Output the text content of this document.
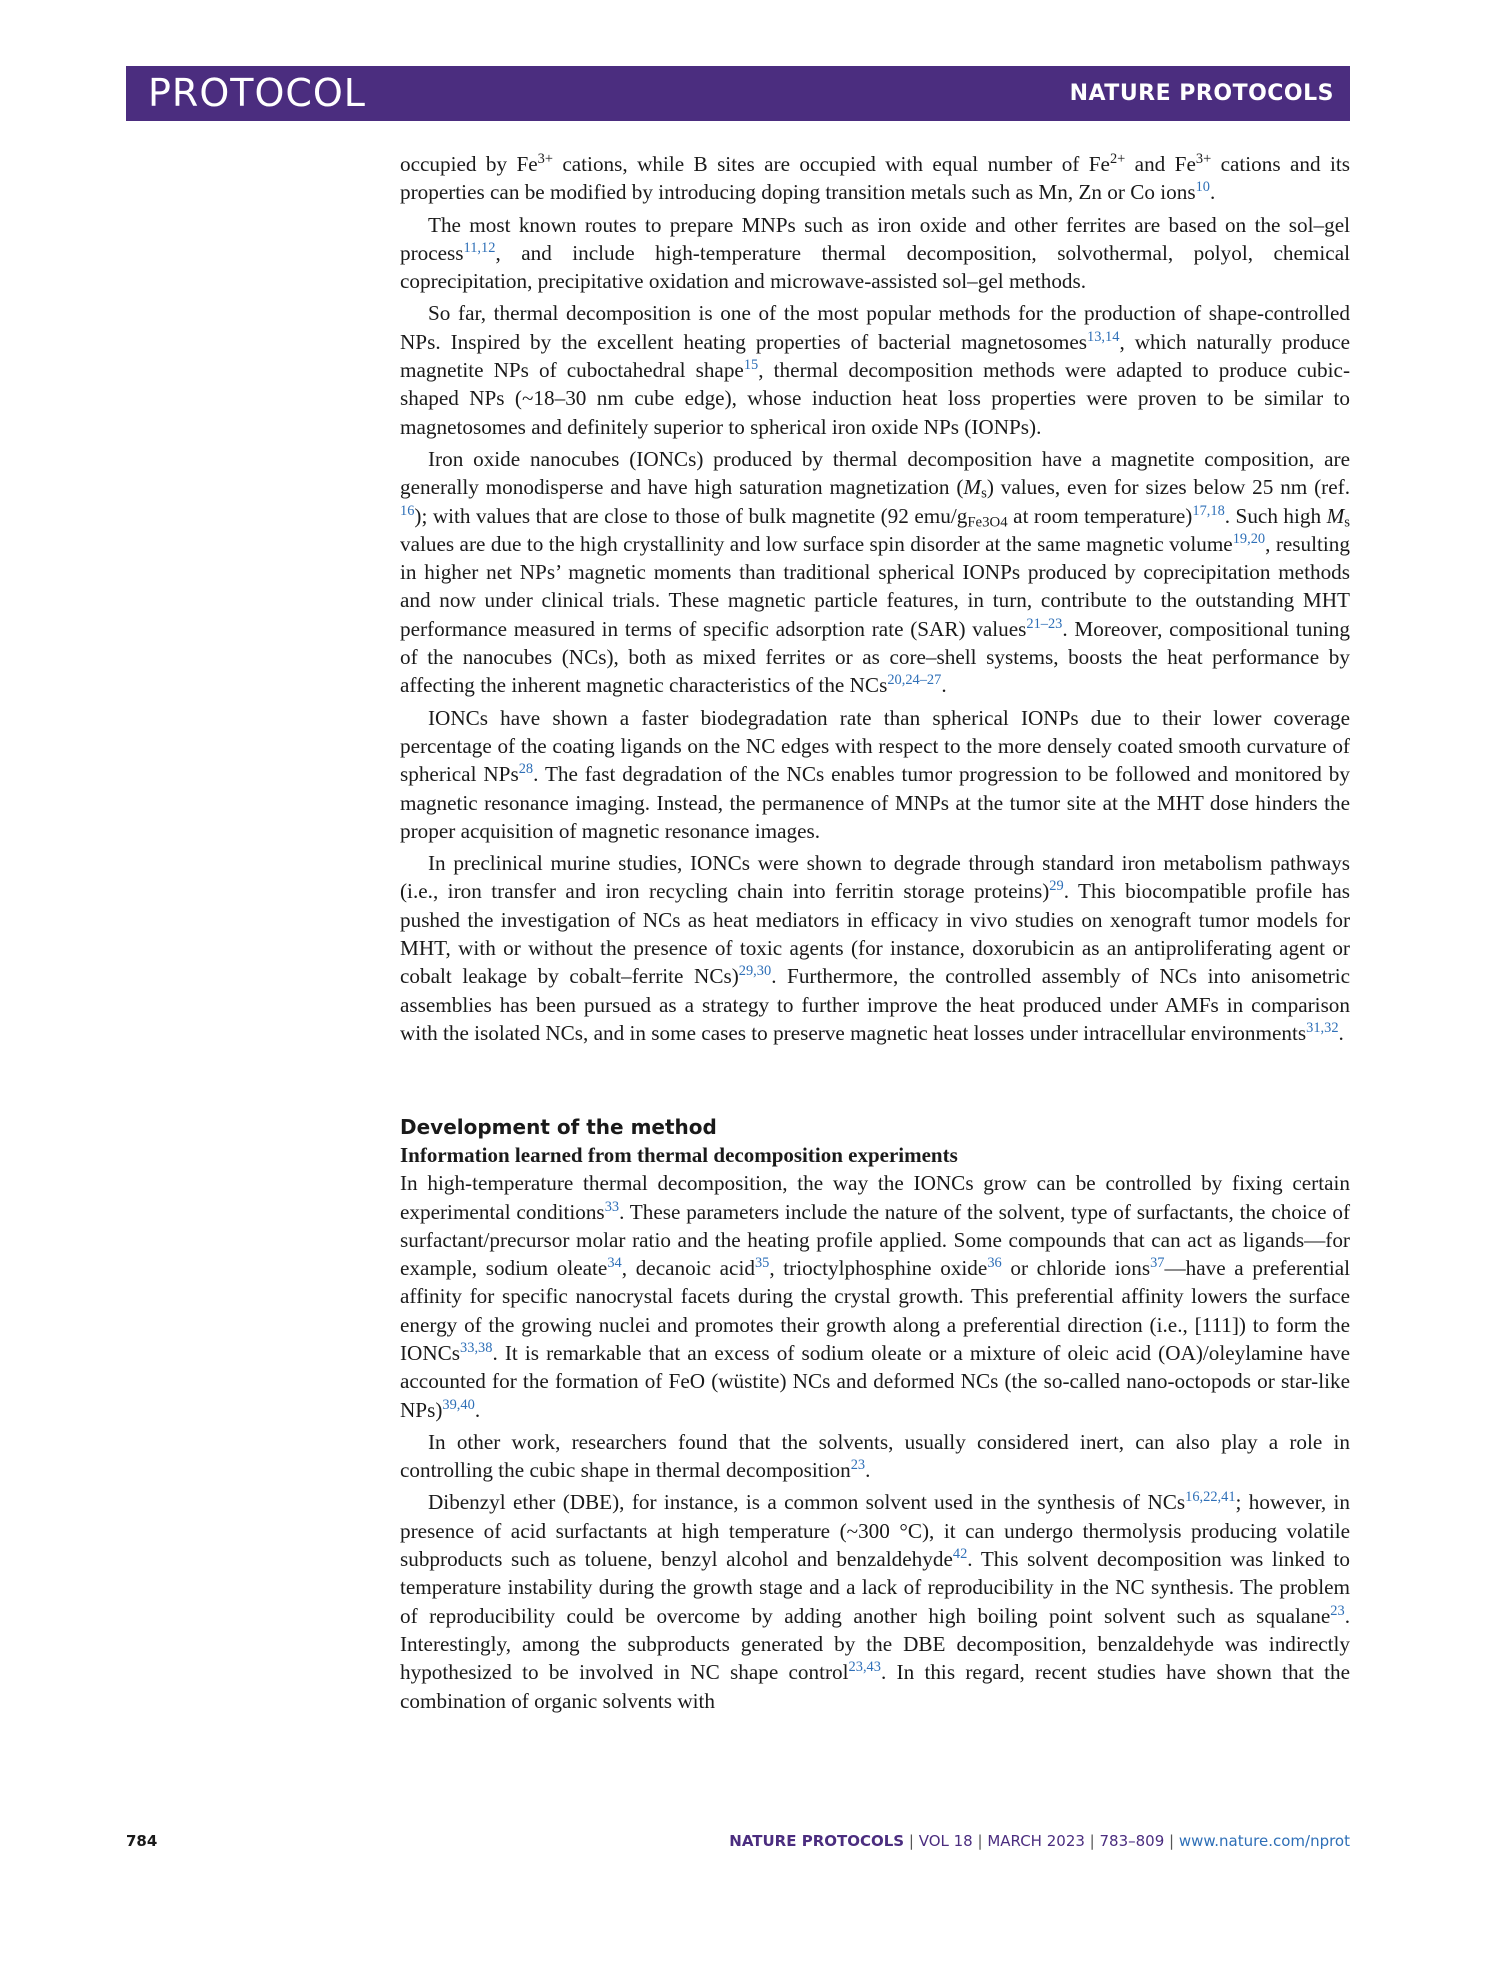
PROTOCOL	NATURE PROTOCOLS

occupied by $Fe^{3+}$ cations, while B sites are occupied with equal number of $Fe^{2+}$ and $Fe^{3+}$ cations and its properties can be modified by introducing doping transition metals such as Mn, Zn or Co ions$^{10}$.

The most known routes to prepare MNPs such as iron oxide and other ferrites are based on the sol–gel process$^{11,12}$, and include high-temperature thermal decomposition, solvothermal, polyol, chemical coprecipitation, precipitative oxidation and microwave-assisted sol–gel methods.

So far, thermal decomposition is one of the most popular methods for the production of shape-controlled NPs. Inspired by the excellent heating properties of bacterial magnetosomes$^{13,14}$, which naturally produce magnetite NPs of cuboctahedral shape$^{15}$, thermal decomposition methods were adapted to produce cubic-shaped NPs (~18–30 nm cube edge), whose induction heat loss properties were proven to be similar to magnetosomes and definitely superior to spherical iron oxide NPs (IONPs).

Iron oxide nanocubes (IONCs) produced by thermal decomposition have a magnetite composition, are generally monodisperse and have high saturation magnetization $(M_s)$ values, even for sizes below 25 nm (ref. $^{16}$); with values that are close to those of bulk magnetite (92 emu/$g_{Fe3O4}$ at room temperature)$^{17,18}$. Such high $M_s$ values are due to the high crystallinity and low surface spin disorder at the same magnetic volume$^{19,20}$, resulting in higher net NPs’ magnetic moments than traditional spherical IONPs produced by coprecipitation methods and now under clinical trials. These magnetic particle features, in turn, contribute to the outstanding MHT performance measured in terms of specific adsorption rate (SAR) values$^{21-23}$. Moreover, compositional tuning of the nanocubes (NCs), both as mixed ferrites or as core–shell systems, boosts the heat performance by affecting the inherent magnetic characteristics of the NCs$^{20,24-27}$.

IONCs have shown a faster biodegradation rate than spherical IONPs due to their lower coverage percentage of the coating ligands on the NC edges with respect to the more densely coated smooth curvature of spherical NPs$^{28}$. The fast degradation of the NCs enables tumor progression to be followed and monitored by magnetic resonance imaging. Instead, the permanence of MNPs at the tumor site at the MHT dose hinders the proper acquisition of magnetic resonance images.

In preclinical murine studies, IONCs were shown to degrade through standard iron metabolism pathways (i.e., iron transfer and iron recycling chain into ferritin storage proteins)$^{29}$. This biocompatible profile has pushed the investigation of NCs as heat mediators in efficacy in vivo studies on xenograft tumor models for MHT, with or without the presence of toxic agents (for instance, doxorubicin as an antiproliferating agent or cobalt leakage by cobalt–ferrite NCs)$^{29,30}$. Furthermore, the controlled assembly of NCs into anisometric assemblies has been pursued as a strategy to further improve the heat produced under AMFs in comparison with the isolated NCs, and in some cases to preserve magnetic heat losses under intracellular environments$^{31,32}$.

Development of the method
Information learned from thermal decomposition experiments

In high-temperature thermal decomposition, the way the IONCs grow can be controlled by fixing certain experimental conditions$^{33}$. These parameters include the nature of the solvent, type of surfactants, the choice of surfactant/precursor molar ratio and the heating profile applied. Some compounds that can act as ligands—for example, sodium oleate$^{34}$, decanoic acid$^{35}$, trioctylphosphine oxide$^{36}$ or chloride ions$^{37}$—have a preferential affinity for specific nanocrystal facets during the crystal growth. This preferential affinity lowers the surface energy of the growing nuclei and promotes their growth along a preferential direction (i.e., [111]) to form the IONCs$^{33,38}$. It is remarkable that an excess of sodium oleate or a mixture of oleic acid (OA)/oleylamine have accounted for the formation of FeO (wüstite) NCs and deformed NCs (the so-called nano-octopods or star-like NPs)$^{39,40}$.

In other work, researchers found that the solvents, usually considered inert, can also play a role in controlling the cubic shape in thermal decomposition$^{23}$.

Dibenzyl ether (DBE), for instance, is a common solvent used in the synthesis of NCs$^{16,22,41}$; however, in presence of acid surfactants at high temperature (~300 °C), it can undergo thermolysis producing volatile subproducts such as toluene, benzyl alcohol and benzaldehyde$^{42}$. This solvent decomposition was linked to temperature instability during the growth stage and a lack of reproducibility in the NC synthesis. The problem of reproducibility could be overcome by adding another high boiling point solvent such as squalane$^{23}$. Interestingly, among the subproducts generated by the DBE decomposition, benzaldehyde was indirectly hypothesized to be involved in NC shape control$^{23,43}$. In this regard, recent studies have shown that the combination of organic solvents with

784	NATURE PROTOCOLS | VOL 18 | MARCH 2023 | 783–809 | www.nature.com/nprot
